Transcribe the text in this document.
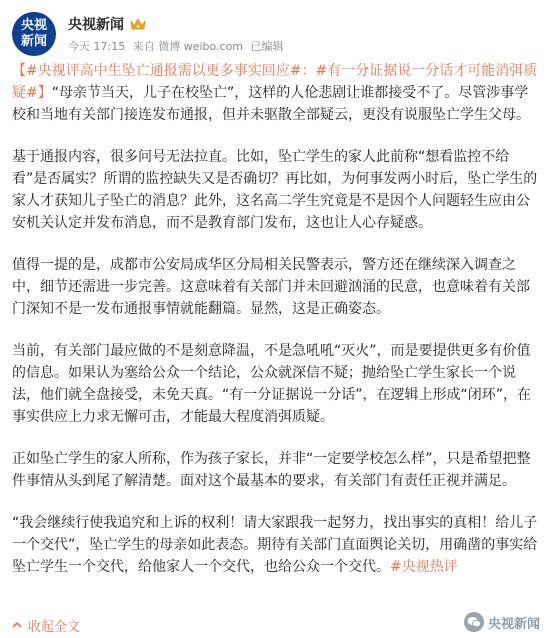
央视
新闻
央视新闻
今天 17:15 来自 微博 weibo.com 已编辑

【#央视评高中生坠亡通报需以更多事实回应#：#有一分证据说一分话才可能消弭质疑#】“母亲节当天，儿子在校坠亡”，这样的人伦悲剧让谁都接受不了。尽管涉事学校和当地有关部门接连发布通报，但并未驱散全部疑云，更没有说服坠亡学生父母。

基于通报内容，很多问号无法拉直。比如，坠亡学生的家人此前称“想看监控不给看”是否属实？所谓的监控缺失又是否确切？再比如，为何事发两小时后，坠亡学生的家人才获知儿子坠亡的消息？此外，这名高二学生究竟是不是因个人问题轻生应由公安机关认定并发布消息，而不是教育部门发布，这也让人心存疑惑。

值得一提的是，成都市公安局成华区分局相关民警表示，警方还在继续深入调查之中，细节还需进一步完善。这意味着有关部门并未回避汹涌的民意，也意味着有关部门深知不是一发布通报事情就能翻篇。显然，这是正确姿态。

当前，有关部门最应做的不是刻意降温，不是急吼吼“灭火”，而是要提供更多有价值的信息。如果认为塞给公众一个结论，公众就深信不疑；抛给坠亡学生家长一个说法，他们就全盘接受，未免天真。“有一分证据说一分话”，在逻辑上形成“闭环”，在事实供应上力求无懈可击，才能最大程度消弭质疑。

正如坠亡学生的家人所称，作为孩子家长，并非“一定要学校怎么样”，只是希望把整件事情从头到尾了解清楚。面对这个最基本的要求，有关部门有责任正视并满足。

“我会继续行使我追究和上诉的权利！请大家跟我一起努力，找出事实的真相！给儿子一个交代”，坠亡学生的母亲如此表态。期待有关部门直面舆论关切，用确凿的事实给坠亡学生一个交代，给他家人一个交代，也给公众一个交代。#央视热评

收起全文	央视新闻
